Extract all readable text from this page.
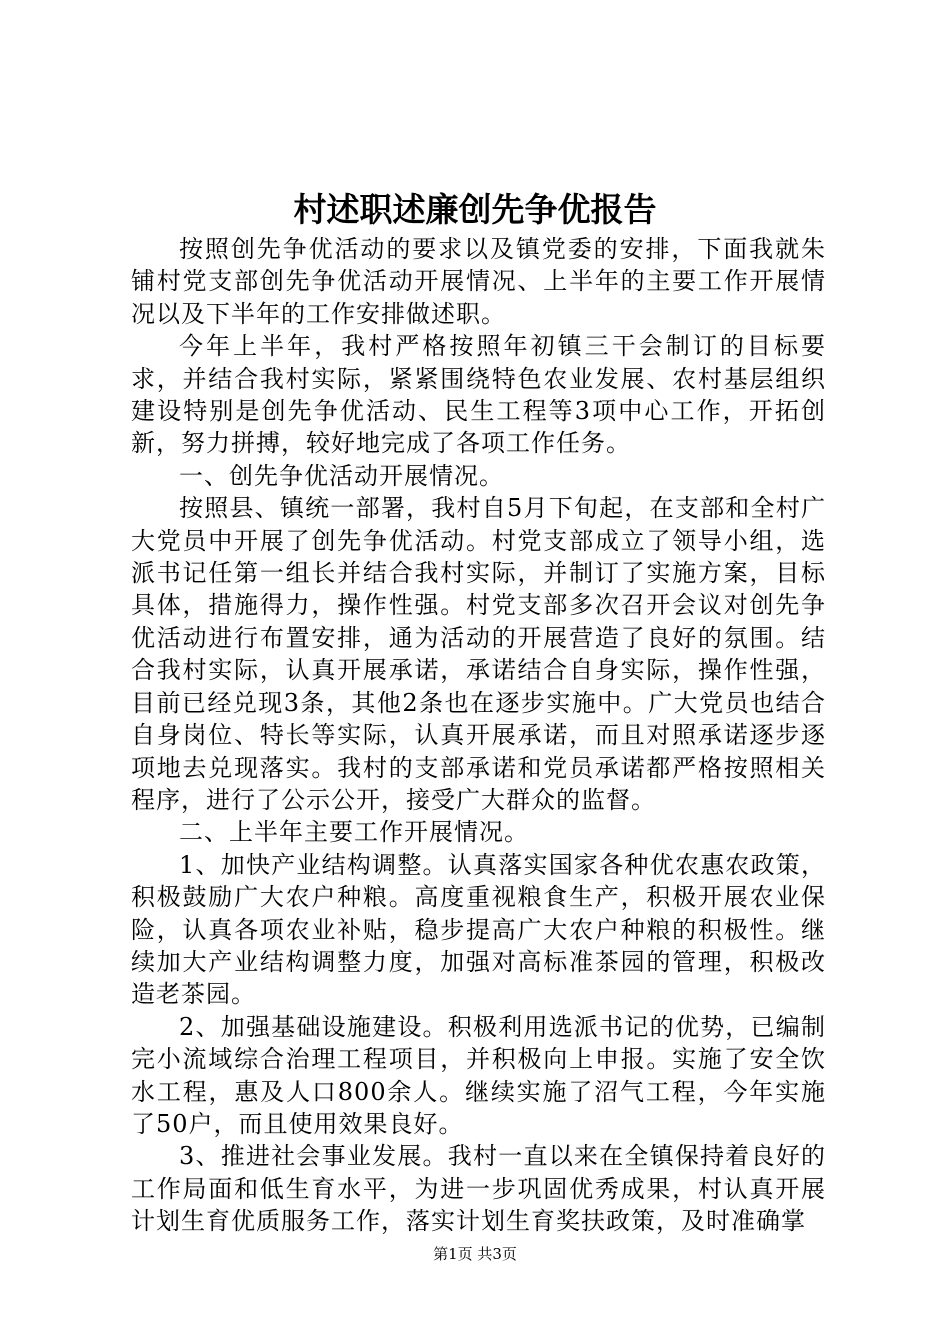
村述职述廉创先争优报告

按照创先争优活动的要求以及镇党委的安排，下面我就朱铺村党支部创先争优活动开展情况、上半年的主要工作开展情况以及下半年的工作安排做述职。

今年上半年，我村严格按照年初镇三干会制订的目标要求，并结合我村实际，紧紧围绕特色农业发展、农村基层组织建设特别是创先争优活动、民生工程等3项中心工作，开拓创新，努力拼搏，较好地完成了各项工作任务。

一、创先争优活动开展情况。

按照县、镇统一部署，我村自5月下旬起，在支部和全村广大党员中开展了创先争优活动。村党支部成立了领导小组，选派书记任第一组长并结合我村实际，并制订了实施方案，目标具体，措施得力，操作性强。村党支部多次召开会议对创先争优活动进行布置安排，通为活动的开展营造了良好的氛围。结合我村实际，认真开展承诺，承诺结合自身实际，操作性强，目前已经兑现3条，其他2条也在逐步实施中。广大党员也结合自身岗位、特长等实际，认真开展承诺，而且对照承诺逐步逐项地去兑现落实。我村的支部承诺和党员承诺都严格按照相关程序，进行了公示公开，接受广大群众的监督。

二、上半年主要工作开展情况。

1、加快产业结构调整。认真落实国家各种优农惠农政策，积极鼓励广大农户种粮。高度重视粮食生产，积极开展农业保险，认真各项农业补贴，稳步提高广大农户种粮的积极性。继续加大产业结构调整力度，加强对高标准茶园的管理，积极改造老茶园。

2、加强基础设施建设。积极利用选派书记的优势，已编制完小流域综合治理工程项目，并积极向上申报。实施了安全饮水工程，惠及人口800余人。继续实施了沼气工程，今年实施了50户，而且使用效果良好。

3、推进社会事业发展。我村一直以来在全镇保持着良好的工作局面和低生育水平，为进一步巩固优秀成果，村认真开展计划生育优质服务工作，落实计划生育奖扶政策，及时准确掌

第1页 共3页
